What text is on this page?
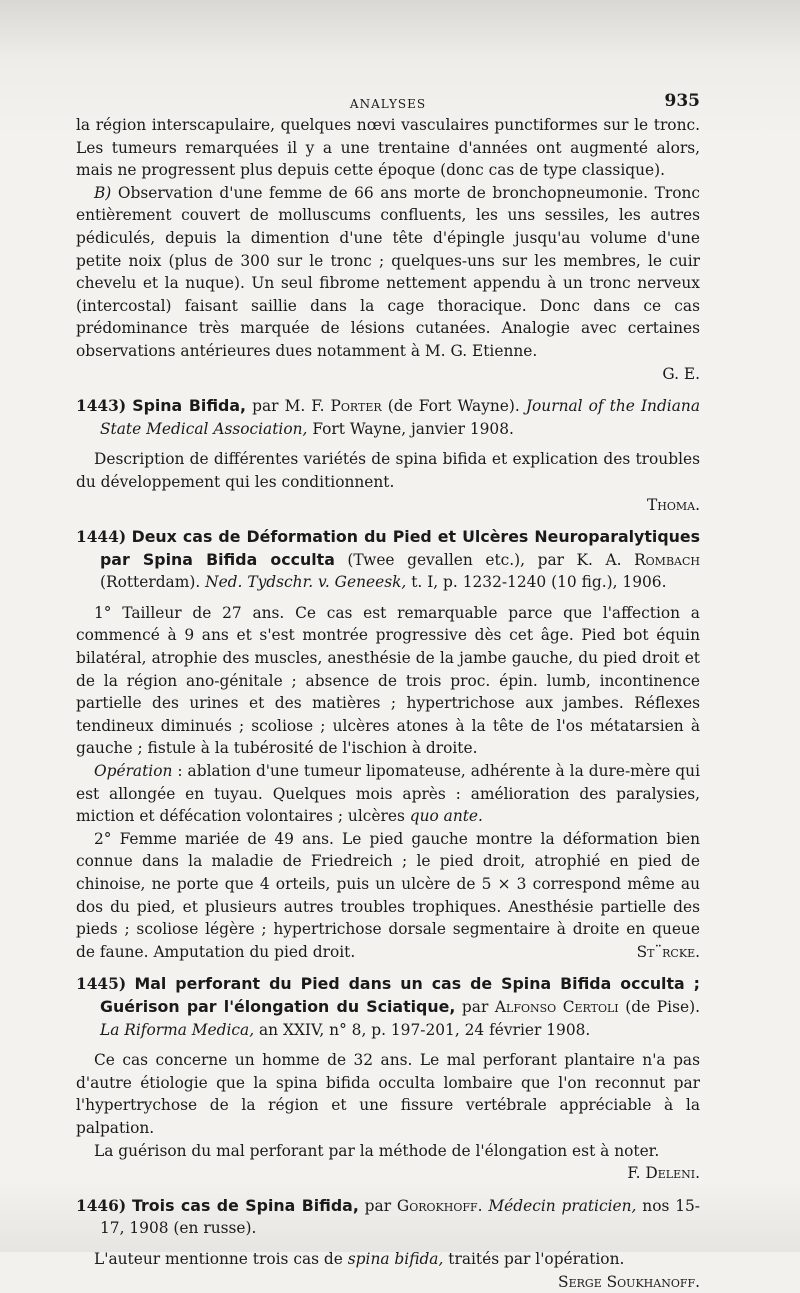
ANALYSES	935

la région interscapulaire, quelques nœvi vasculaires punctiformes sur le tronc. Les tumeurs remarquées il y a une trentaine d'années ont augmenté alors, mais ne progressent plus depuis cette époque (donc cas de type classique).

B) Observation d'une femme de 66 ans morte de bronchopneumonie. Tronc entièrement couvert de molluscums confluents, les uns sessiles, les autres pédiculés, depuis la dimention d'une tête d'épingle jusqu'au volume d'une petite noix (plus de 300 sur le tronc ; quelques-uns sur les membres, le cuir chevelu et la nuque). Un seul fibrome nettement appendu à un tronc nerveux (intercostal) faisant saillie dans la cage thoracique. Donc dans ce cas prédominance très marquée de lésions cutanées. Analogie avec certaines observations antérieures dues notamment à M. G. Etienne.

G. E.

1443) Spina Bifida, par M. F. Porter (de Fort Wayne). Journal of the Indiana State Medical Association, Fort Wayne, janvier 1908.

Description de différentes variétés de spina bifida et explication des troubles du développement qui les conditionnent.

Thoma.

1444) Deux cas de Déformation du Pied et Ulcères Neuroparalytiques par Spina Bifida occulta (Twee gevallen etc.), par K. A. Rombach (Rotterdam). Ned. Tydschr. v. Geneesk, t. I, p. 1232-1240 (10 fig.), 1906.

1° Tailleur de 27 ans. Ce cas est remarquable parce que l'affection a commencé à 9 ans et s'est montrée progressive dès cet âge. Pied bot équin bilatéral, atrophie des muscles, anesthésie de la jambe gauche, du pied droit et de la région ano-génitale ; absence de trois proc. épin. lumb, incontinence partielle des urines et des matières ; hypertrichose aux jambes. Réflexes tendineux diminués ; scoliose ; ulcères atones à la tête de l'os métatarsien à gauche ; fistule à la tubérosité de l'ischion à droite.

Opération : ablation d'une tumeur lipomateuse, adhérente à la dure-mère qui est allongée en tuyau. Quelques mois après : amélioration des paralysies, miction et défécation volontaires ; ulcères quo ante.

2° Femme mariée de 49 ans. Le pied gauche montre la déformation bien connue dans la maladie de Friedreich ; le pied droit, atrophié en pied de chinoise, ne porte que 4 orteils, puis un ulcère de 5 × 3 correspond même au dos du pied, et plusieurs autres troubles trophiques. Anesthésie partielle des pieds ; scoliose légère ; hypertrichose dorsale segmentaire à droite en queue de faune. Amputation du pied droit.	St¨rcke.

1445) Mal perforant du Pied dans un cas de Spina Bifida occulta ; Guérison par l'élongation du Sciatique, par Alfonso Certoli (de Pise). La Riforma Medica, an XXIV, n° 8, p. 197-201, 24 février 1908.

Ce cas concerne un homme de 32 ans. Le mal perforant plantaire n'a pas d'autre étiologie que la spina bifida occulta lombaire que l'on reconnut par l'hypertrychose de la région et une fissure vertébrale appréciable à la palpation.

La guérison du mal perforant par la méthode de l'élongation est à noter.

F. Deleni.

1446) Trois cas de Spina Bifida, par Gorokhoff. Médecin praticien, nos 15-17, 1908 (en russe).

L'auteur mentionne trois cas de spina bifida, traités par l'opération.

Serge Soukhanoff.
